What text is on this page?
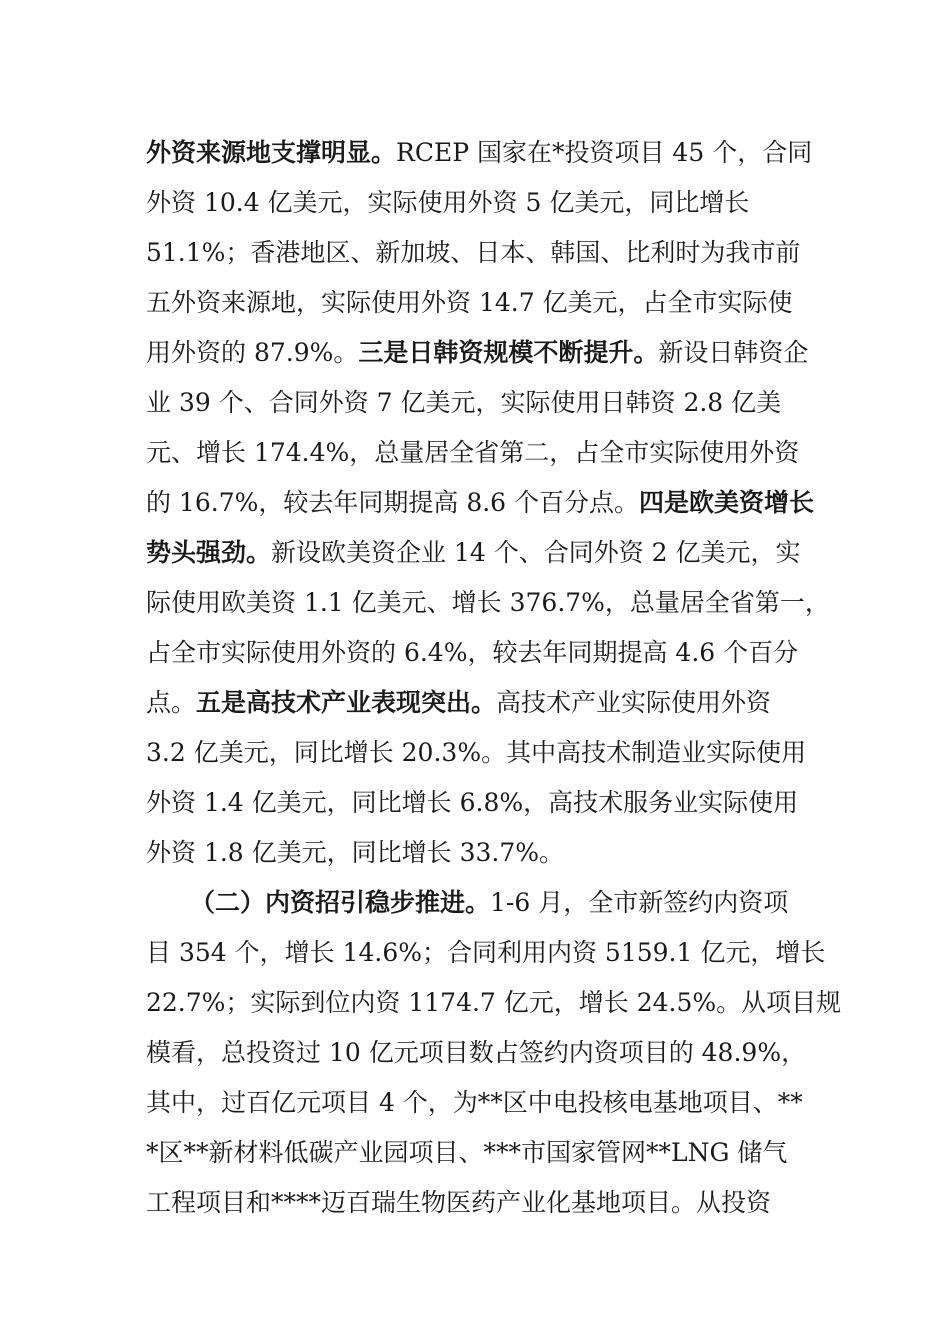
外资来源地支撑明显。RCEP 国家在*投资项目 45 个，合同
外资 10.4 亿美元，实际使用外资 5 亿美元，同比增长
51.1%；香港地区、新加坡、日本、韩国、比利时为我市前
五外资来源地，实际使用外资 14.7 亿美元，占全市实际使
用外资的 87.9%。三是日韩资规模不断提升。新设日韩资企
业 39 个、合同外资 7 亿美元，实际使用日韩资 2.8 亿美
元、增长 174.4%，总量居全省第二，占全市实际使用外资
的 16.7%，较去年同期提高 8.6 个百分点。四是欧美资增长
势头强劲。新设欧美资企业 14 个、合同外资 2 亿美元，实
际使用欧美资 1.1 亿美元、增长 376.7%，总量居全省第一，
占全市实际使用外资的 6.4%，较去年同期提高 4.6 个百分
点。五是高技术产业表现突出。高技术产业实际使用外资
3.2 亿美元，同比增长 20.3%。其中高技术制造业实际使用
外资 1.4 亿美元，同比增长 6.8%，高技术服务业实际使用
外资 1.8 亿美元，同比增长 33.7%。
（二）内资招引稳步推进。1-6 月，全市新签约内资项
目 354 个，增长 14.6%；合同利用内资 5159.1 亿元，增长
22.7%；实际到位内资 1174.7 亿元，增长 24.5%。从项目规
模看，总投资过 10 亿元项目数占签约内资项目的 48.9%，
其中，过百亿元项目 4 个，为**区中电投核电基地项目、**
*区**新材料低碳产业园项目、***市国家管网**LNG 储气
工程项目和****迈百瑞生物医药产业化基地项目。从投资
